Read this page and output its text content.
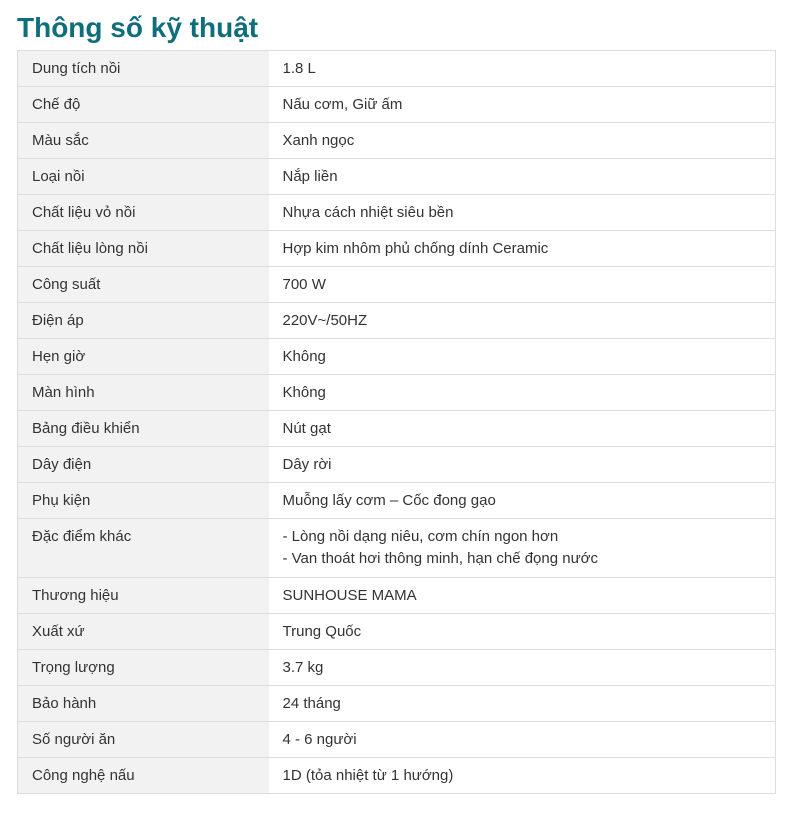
Thông số kỹ thuật
Dung tích nồi	1.8 L

Chế độ	Nấu cơm, Giữ ấm

Màu sắc	Xanh ngọc

Loại nồi	Nắp liền

Chất liệu vỏ nồi	Nhựa cách nhiệt siêu bền

Chất liệu lòng nồi	Hợp kim nhôm phủ chống dính Ceramic

Công suất	700 W

Điện áp	220V~/50HZ

Hẹn giờ	Không

Màn hình	Không

Bảng điều khiển	Nút gạt

Dây điện	Dây rời

Phụ kiện	Muỗng lấy cơm – Cốc đong gạo

Đặc điểm khác	- Lòng nồi dạng niêu, cơm chín ngon hơn
- Van thoát hơi thông minh, hạn chế đọng nước

Thương hiệu	SUNHOUSE MAMA

Xuất xứ	Trung Quốc

Trọng lượng	3.7 kg

Bảo hành	24 tháng

Số người ăn	4 - 6 người

Công nghệ nấu	1D (tỏa nhiệt từ 1 hướng)
